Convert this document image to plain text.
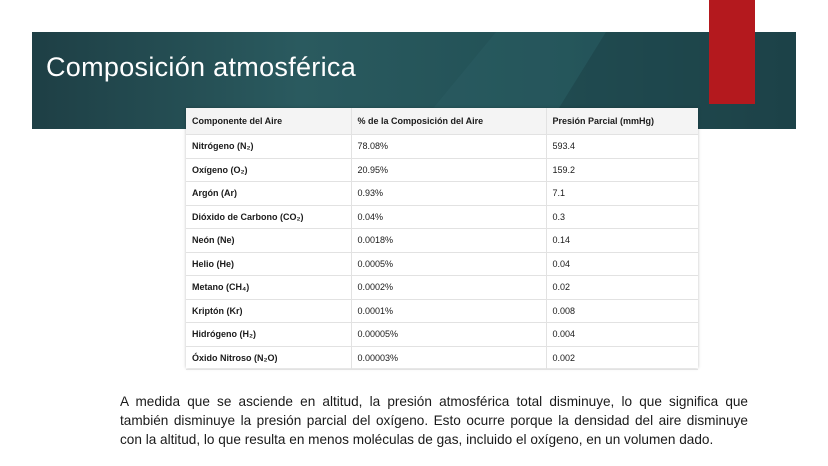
Composición atmosférica
Componente del Aire	% de la Composición del Aire	Presión Parcial (mmHg)
Nitrógeno (N₂)	78.08%	593.4
Oxígeno (O₂)	20.95%	159.2
Argón (Ar)	0.93%	7.1
Dióxido de Carbono (CO₂)	0.04%	0.3
Neón (Ne)	0.0018%	0.14
Helio (He)	0.0005%	0.04
Metano (CH₄)	0.0002%	0.02
Kriptón (Kr)	0.0001%	0.008
Hidrógeno (H₂)	0.00005%	0.004
Óxido Nitroso (N₂O)	0.00003%	0.002

A medida que se asciende en altitud, la presión atmosférica total disminuye, lo que significa que también disminuye la presión parcial del oxígeno. Esto ocurre porque la densidad del aire disminuye con la altitud, lo que resulta en menos moléculas de gas, incluido el oxígeno, en un volumen dado.
